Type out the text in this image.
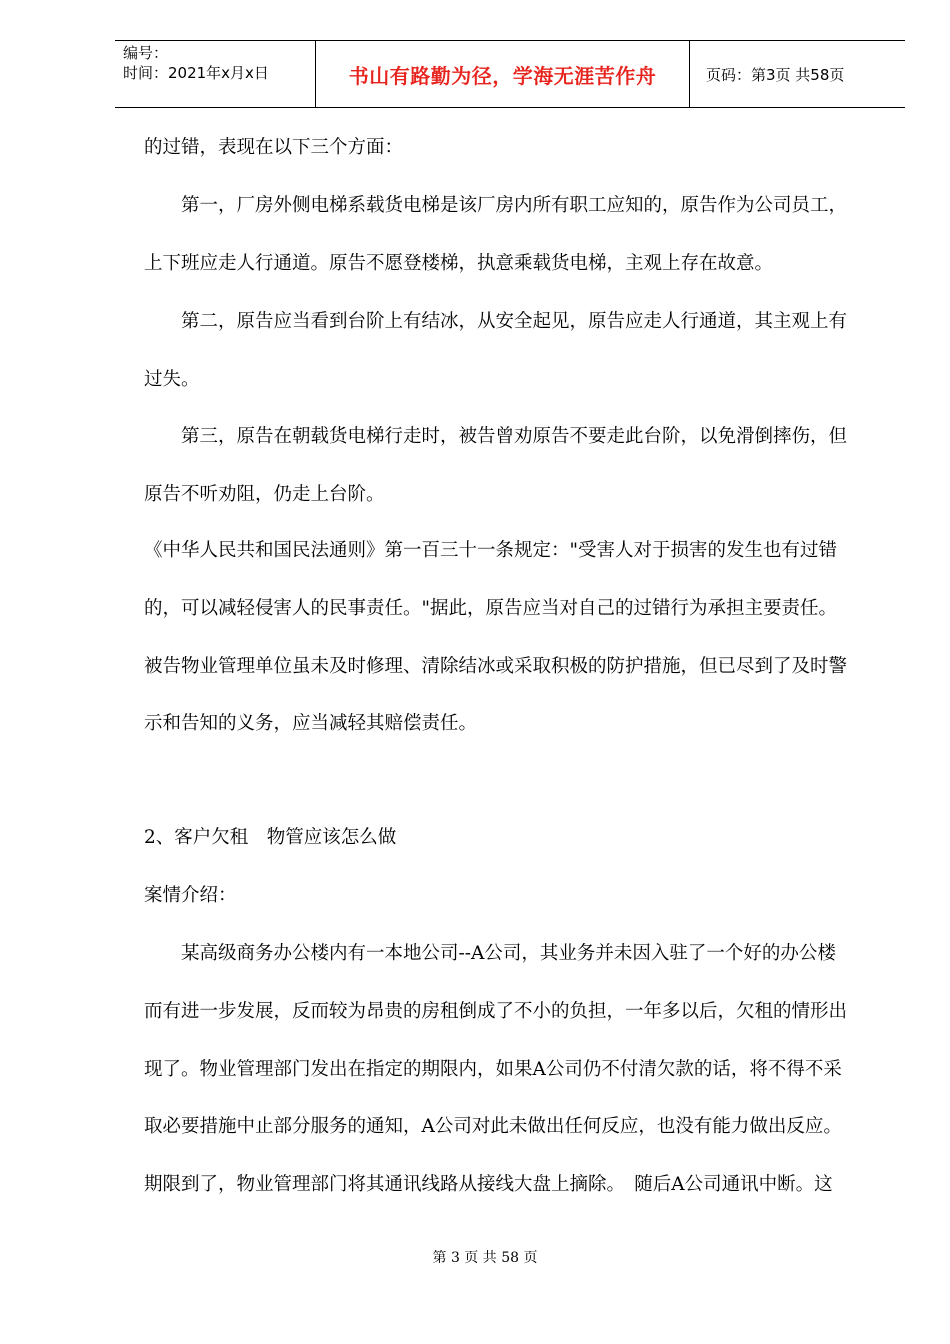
编号：
时间：2021年x月x日	书山有路勤为径，学海无涯苦作舟	页码：第3页 共58页
的过错，表现在以下三个方面：
第一，厂房外侧电梯系载货电梯是该厂房内所有职工应知的，原告作为公司员工，
上下班应走人行通道。原告不愿登楼梯，执意乘载货电梯，主观上存在故意。
第二，原告应当看到台阶上有结冰，从安全起见，原告应走人行通道，其主观上有
过失。
第三，原告在朝载货电梯行走时，被告曾劝原告不要走此台阶，以免滑倒摔伤，但
原告不听劝阻，仍走上台阶。
《中华人民共和国民法通则》第一百三十一条规定："受害人对于损害的发生也有过错
的，可以减轻侵害人的民事责任。"据此，原告应当对自己的过错行为承担主要责任。
被告物业管理单位虽未及时修理、清除结冰或采取积极的防护措施，但已尽到了及时警
示和告知的义务，应当减轻其赔偿责任。
2、客户欠租　物管应该怎么做
案情介绍：
某高级商务办公楼内有一本地公司--A公司，其业务并未因入驻了一个好的办公楼
而有进一步发展，反而较为昂贵的房租倒成了不小的负担，一年多以后，欠租的情形出
现了。物业管理部门发出在指定的期限内，如果A公司仍不付清欠款的话，将不得不采
取必要措施中止部分服务的通知，A公司对此未做出任何反应，也没有能力做出反应。
期限到了，物业管理部门将其通讯线路从接线大盘上摘除。　随后A公司通讯中断。这
第 3 页 共 58 页
